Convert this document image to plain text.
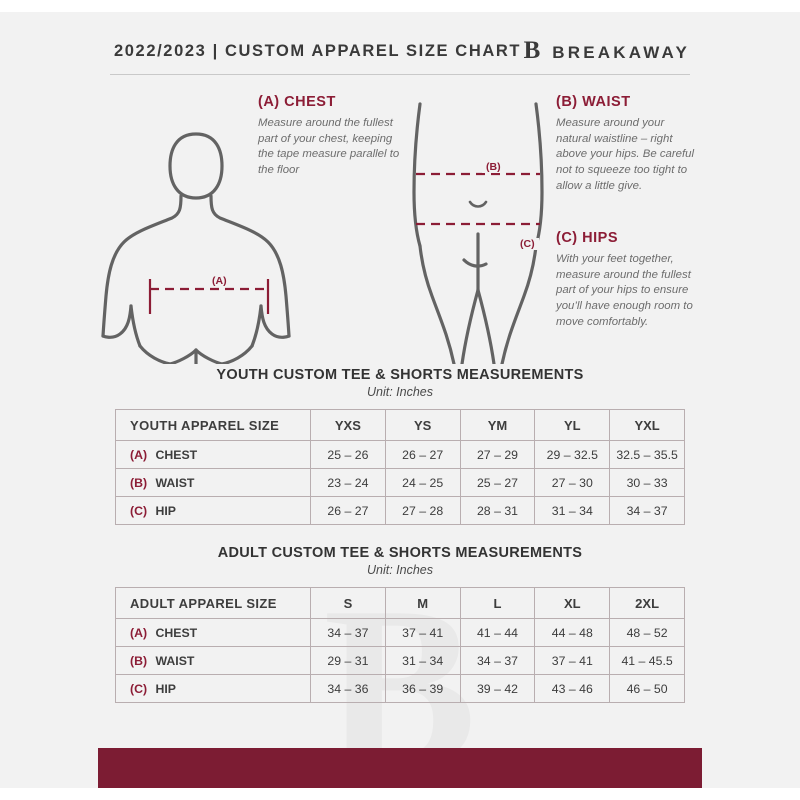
2022/2023 | CUSTOM APPAREL SIZE CHART B BREAKAWAY
(A)
(B)
(C)
(A) CHEST
Measure around the fullest part of your chest, keeping the tape measure parallel to the floor
(B) WAIST
Measure around your natural waistline – right above your hips. Be careful not to squeeze too tight to allow a little give.
(C) HIPS
With your feet together, measure around the fullest part of your hips to ensure you’ll have enough room to move comfortably.
YOUTH CUSTOM TEE & SHORTS MEASUREMENTS
Unit: Inches
YOUTH APPAREL SIZE	YXS	YS	YM	YL	YXL
(A) CHEST	25 – 26	26 – 27	27 – 29	29 – 32.5	32.5 – 35.5
(B) WAIST	23 – 24	24 – 25	25 – 27	27 – 30	30 – 33
(C) HIP	26 – 27	27 – 28	28 – 31	31 – 34	34 – 37
ADULT CUSTOM TEE & SHORTS MEASUREMENTS
Unit: Inches
ADULT APPAREL SIZE	S	M	L	XL	2XL
(A) CHEST	34 – 37	37 – 41	41 – 44	44 – 48	48 – 52
(B) WAIST	29 – 31	31 – 34	34 – 37	37 – 41	41 – 45.5
(C) HIP	34 – 36	36 – 39	39 – 42	43 – 46	46 – 50
